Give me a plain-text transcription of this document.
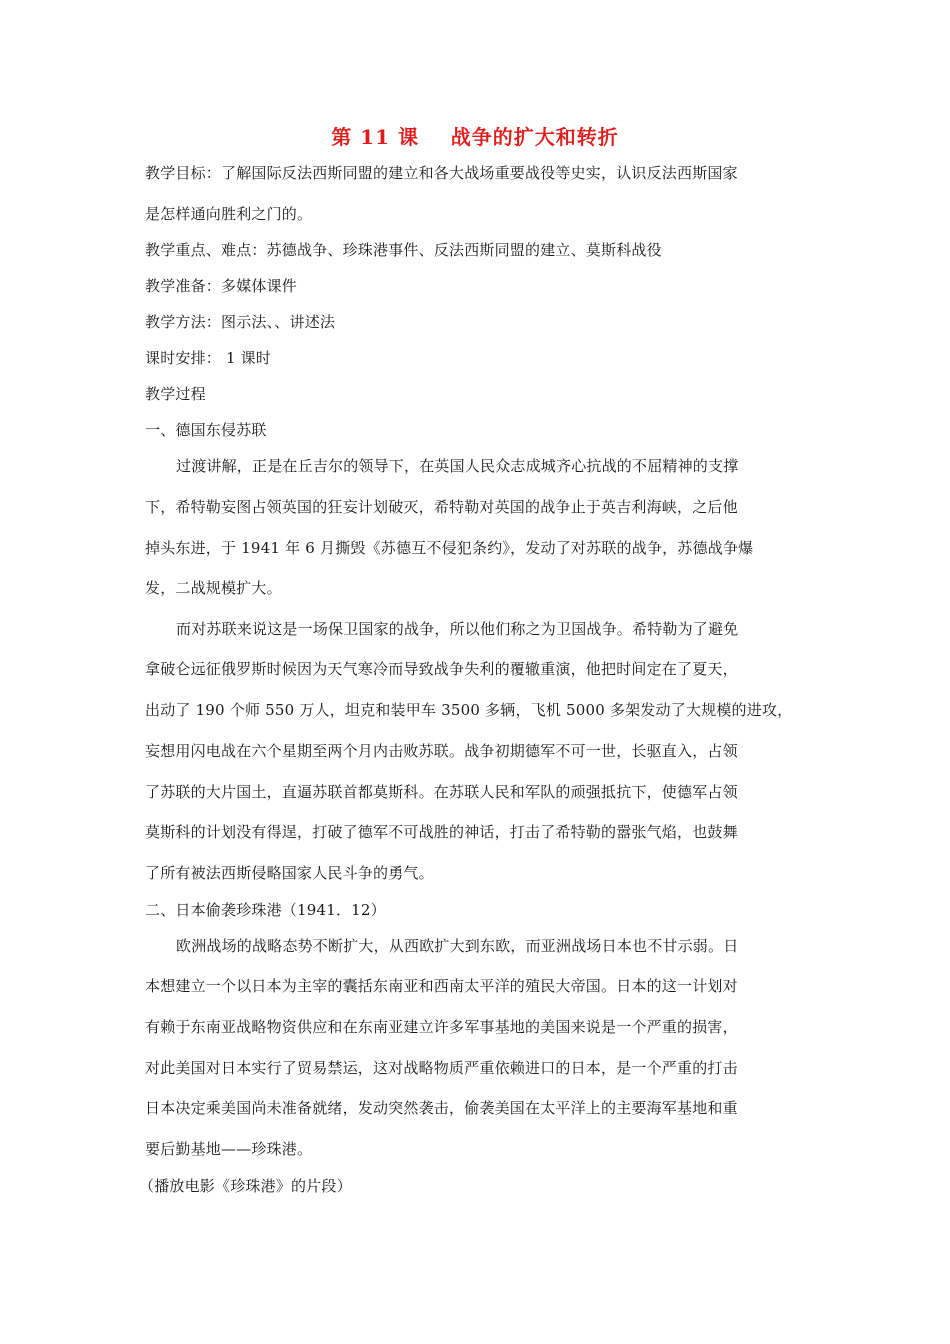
第 11 课    战争的扩大和转折
教学目标：了解国际反法西斯同盟的建立和各大战场重要战役等史实，认识反法西斯国家
是怎样通向胜利之门的。
教学重点、难点：苏德战争、珍珠港事件、反法西斯同盟的建立、莫斯科战役
教学准备：多媒体课件
教学方法：图示法、、讲述法
课时安排： 1 课时
教学过程
一、德国东侵苏联
过渡讲解，正是在丘吉尔的领导下，在英国人民众志成城齐心抗战的不屈精神的支撑
下，希特勒妄图占领英国的狂妄计划破灭，希特勒对英国的战争止于英吉利海峡，之后他
掉头东进，于 1941 年 6 月撕毁《苏德互不侵犯条约》，发动了对苏联的战争，苏德战争爆
发，二战规模扩大。
而对苏联来说这是一场保卫国家的战争，所以他们称之为卫国战争。希特勒为了避免
拿破仑远征俄罗斯时候因为天气寒冷而导致战争失利的覆辙重演，他把时间定在了夏天，
出动了 190 个师 550 万人，坦克和装甲车 3500 多辆，飞机 5000 多架发动了大规模的进攻，
妄想用闪电战在六个星期至两个月内击败苏联。战争初期德军不可一世，长驱直入，占领
了苏联的大片国土，直逼苏联首都莫斯科。在苏联人民和军队的顽强抵抗下，使德军占领
莫斯科的计划没有得逞，打破了德军不可战胜的神话，打击了希特勒的嚣张气焰，也鼓舞
了所有被法西斯侵略国家人民斗争的勇气。
二、日本偷袭珍珠港（1941．12）
欧洲战场的战略态势不断扩大，从西欧扩大到东欧，而亚洲战场日本也不甘示弱。日
本想建立一个以日本为主宰的囊括东南亚和西南太平洋的殖民大帝国。日本的这一计划对
有赖于东南亚战略物资供应和在东南亚建立许多军事基地的美国来说是一个严重的损害，
对此美国对日本实行了贸易禁运，这对战略物质严重依赖进口的日本，是一个严重的打击
日本决定乘美国尚未准备就绪，发动突然袭击，偷袭美国在太平洋上的主要海军基地和重
要后勤基地——珍珠港。
（播放电影《珍珠港》的片段）
